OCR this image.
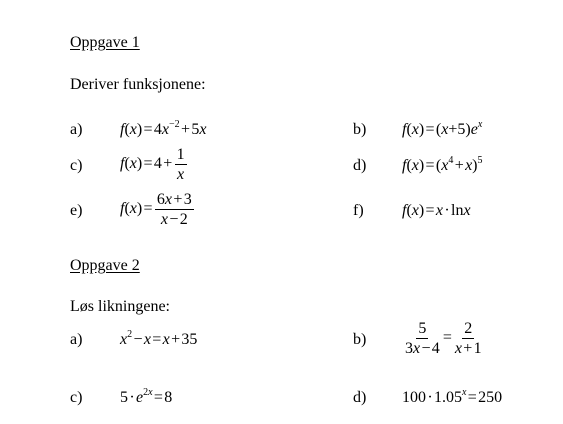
Oppgave 1
Deriver funksjonene:
a) f(x) = $4x^{-2}$ + 5x	b) f(x) = $(x+5)e^x$
c) f(x) = 4 +  $\frac{1}{x}$	d) f(x) = ($x^4$ + x)$^5$
e) f(x) =  $\frac{6x + 3}{x - 2}$	f) f(x) = x · lnx
Oppgave 2
Løs likningene:
a) $x^2$ − x = x + 35	$b) \frac{5}{3x - 4} = \frac{2}{x + 1}$
c) 5 · $e^{2x}$ = 8	d) 100 · $1.05^x$ = 250
